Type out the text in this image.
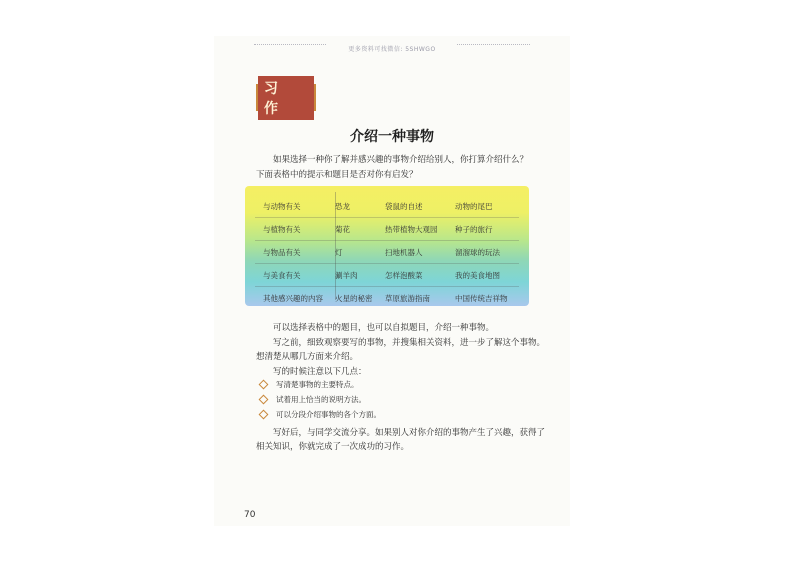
更多资料可找微信: 5SHWGO
习 作
介绍一种事物
如果选择一种你了解并感兴趣的事物介绍给别人，你打算介绍什么？下面表格中的提示和题目是否对你有启发？
与动物有关	恐龙	袋鼠的自述	动物的尾巴
与植物有关	菊花	热带植物大观园	种子的旅行
与物品有关	灯	扫地机器人	溜溜球的玩法
与美食有关	涮羊肉	怎样泡酸菜	我的美食地图
其他感兴趣的内容	火星的秘密	草原旅游指南	中国传统吉祥物
可以选择表格中的题目，也可以自拟题目，介绍一种事物。
写之前，细致观察要写的事物，并搜集相关资料，进一步了解这个事物。想清楚从哪几方面来介绍。
写的时候注意以下几点：
写清楚事物的主要特点。
试着用上恰当的说明方法。
可以分段介绍事物的各个方面。
写好后，与同学交流分享。如果别人对你介绍的事物产生了兴趣，获得了相关知识，你就完成了一次成功的习作。
70
